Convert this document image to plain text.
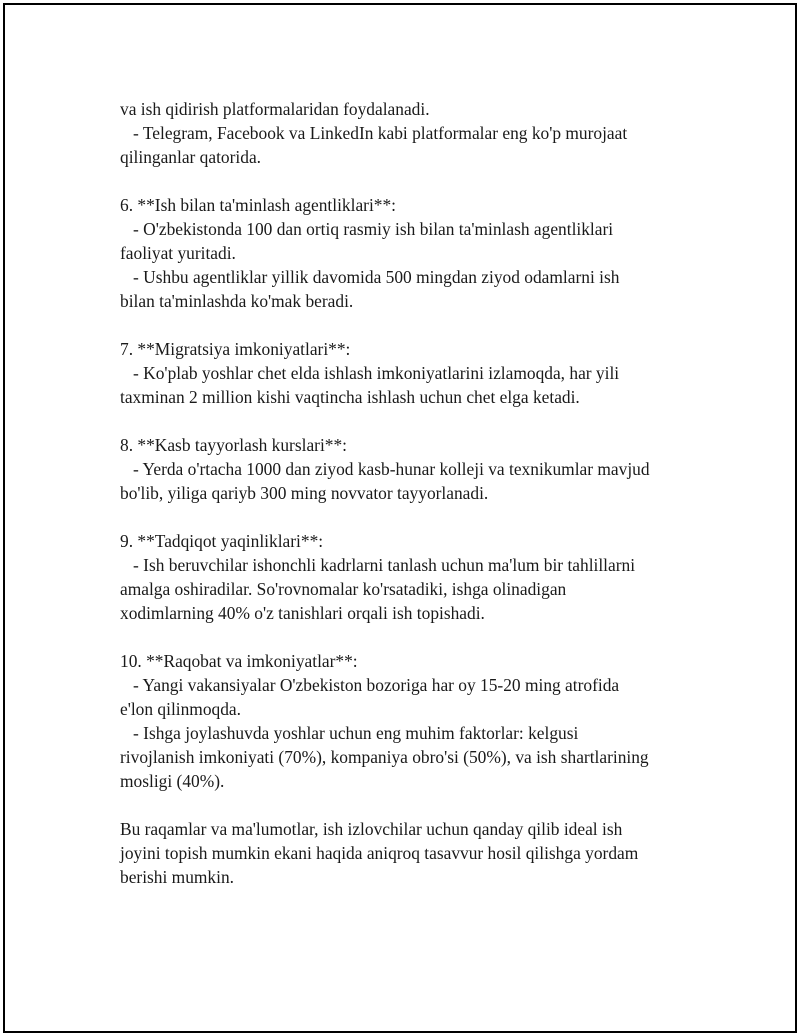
va ish qidirish platformalaridan foydalanadi.
- Telegram, Facebook va LinkedIn kabi platformalar eng ko'p murojaat
qilinganlar qatorida.
6. **Ish bilan ta'minlash agentliklari**:
- O'zbekistonda 100 dan ortiq rasmiy ish bilan ta'minlash agentliklari
faoliyat yuritadi.
- Ushbu agentliklar yillik davomida 500 mingdan ziyod odamlarni ish
bilan ta'minlashda ko'mak beradi.
7. **Migratsiya imkoniyatlari**:
- Ko'plab yoshlar chet elda ishlash imkoniyatlarini izlamoqda, har yili
taxminan 2 million kishi vaqtincha ishlash uchun chet elga ketadi.
8. **Kasb tayyorlash kurslari**:
- Yerda o'rtacha 1000 dan ziyod kasb-hunar kolleji va texnikumlar mavjud
bo'lib, yiliga qariyb 300 ming novvator tayyorlanadi.
9. **Tadqiqot yaqinliklari**:
- Ish beruvchilar ishonchli kadrlarni tanlash uchun ma'lum bir tahlillarni
amalga oshiradilar. So'rovnomalar ko'rsatadiki, ishga olinadigan
xodimlarning 40% o'z tanishlari orqali ish topishadi.
10. **Raqobat va imkoniyatlar**:
- Yangi vakansiyalar O'zbekiston bozoriga har oy 15-20 ming atrofida
e'lon qilinmoqda.
- Ishga joylashuvda yoshlar uchun eng muhim faktorlar: kelgusi
rivojlanish imkoniyati (70%), kompaniya obro'si (50%), va ish shartlarining
mosligi (40%).
Bu raqamlar va ma'lumotlar, ish izlovchilar uchun qanday qilib ideal ish
joyini topish mumkin ekani haqida aniqroq tasavvur hosil qilishga yordam
berishi mumkin.
